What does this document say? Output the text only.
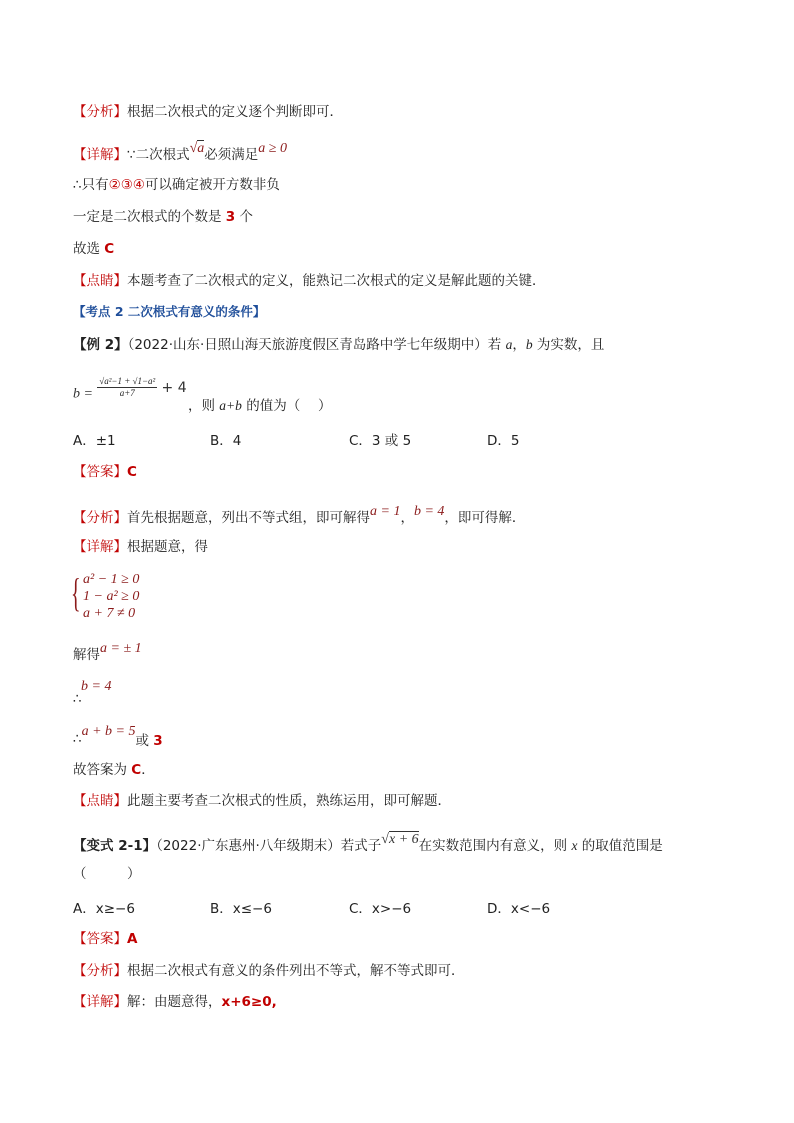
【分析】根据二次根式的定义逐个判断即可．
【详解】∵二次根式√a必须满足a ≥ 0
∴只有②③④可以确定被开方数非负
一定是二次根式的个数是 3 个
故选 C
【点睛】本题考查了二次根式的定义，能熟记二次根式的定义是解此题的关键．
【考点 2 二次根式有意义的条件】
【例 2】（2022·山东·日照山海天旅游度假区青岛路中学七年级期中）若 a，b 为实数，且
$b = \frac{\text{√a²−1 + √1−a²}}{a+7} + 4$
，则 a+b 的值为（　 ）
A．±1	B．4	C．3 或 5	D．5
【答案】C
【分析】首先根据题意，列出不等式组，即可解得a = 1，b = 4，即可得解．
【详解】根据题意，得
{ a² − 1 ≥ 0
1 − a² ≥ 0
a + 7 ≠ 0
解得a = ± 1
b = 4
∴
∴a + b = 5或 3
故答案为 C．
【点睛】此题主要考查二次根式的性质，熟练运用，即可解题．
【变式 2-1】（2022·广东惠州·八年级期末）若式子√x + 6在实数范围内有意义，则 x 的取值范围是
（　　　）
A．x≥−6	B．x≤−6	C．x>−6	D．x<−6
【答案】A
【分析】根据二次根式有意义的条件列出不等式，解不等式即可．
【详解】解：由题意得，x+6≥0,
